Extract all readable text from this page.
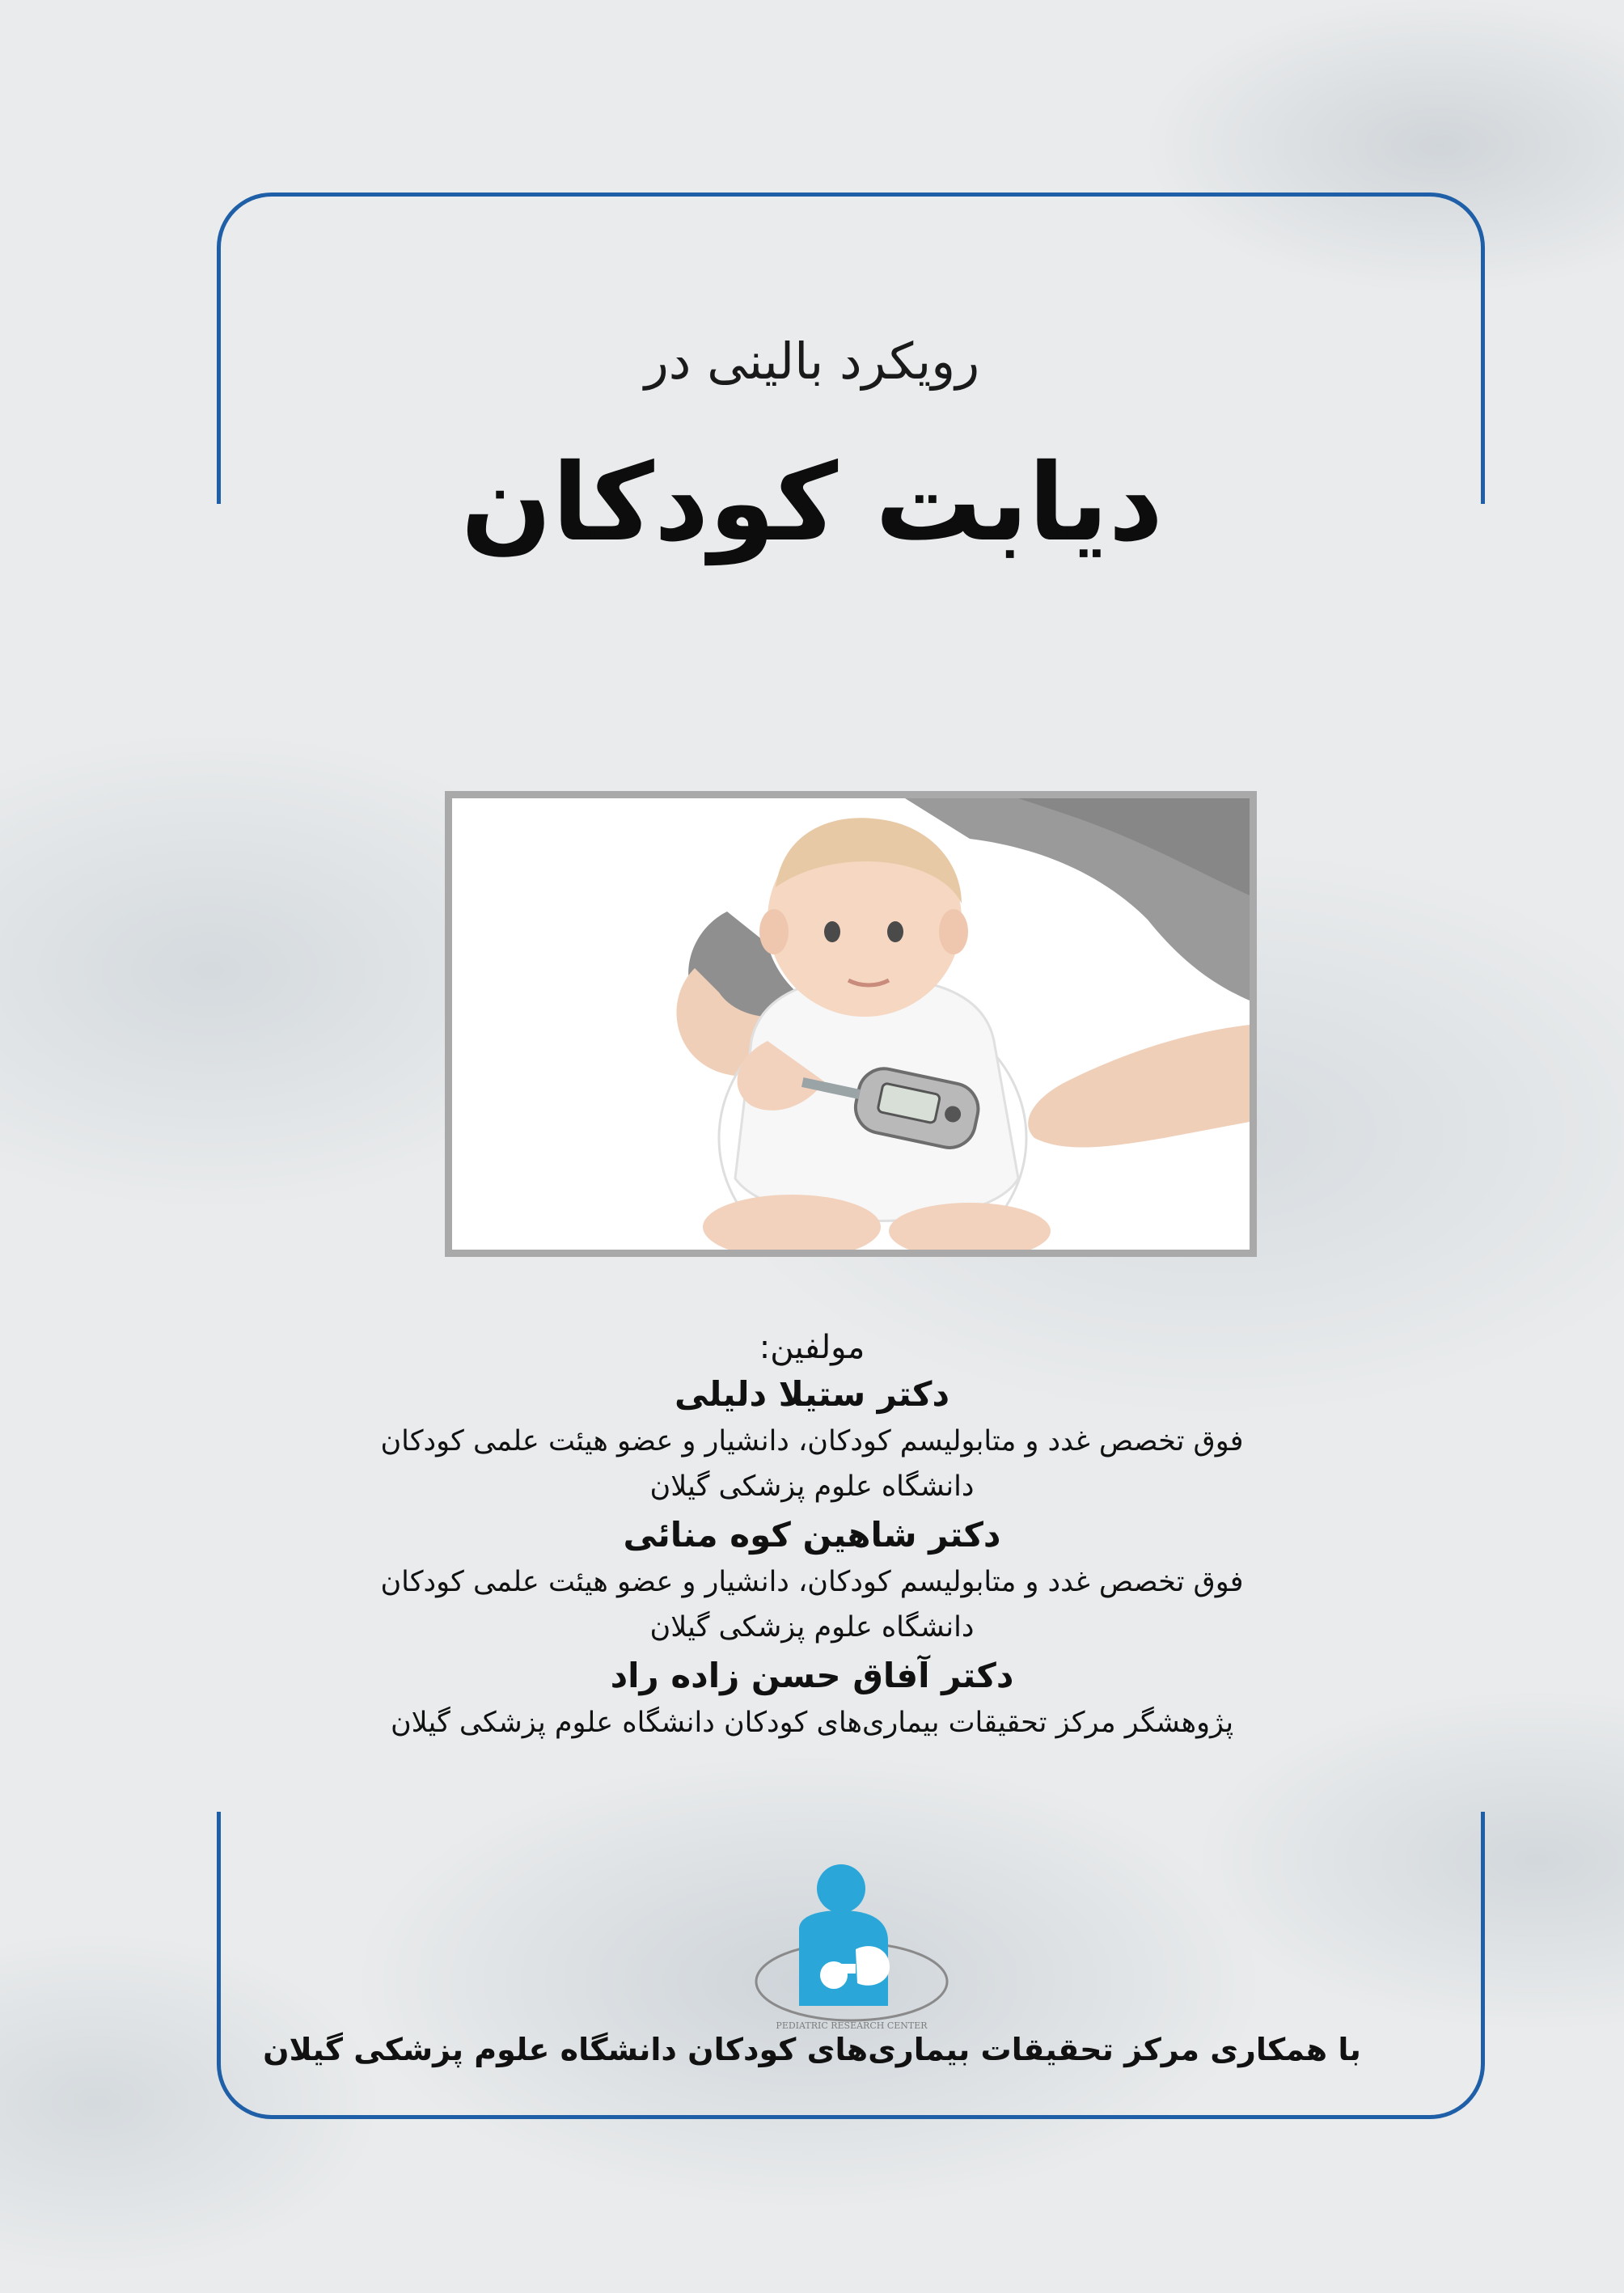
رویکرد بالینی در
دیابت کودکان
مولفین:
دکتر ستیلا دلیلی
فوق تخصص غدد و متابولیسم کودکان، دانشیار و عضو هیئت علمی کودکان
دانشگاه علوم پزشکی گیلان
دکتر شاهین کوه منائی
فوق تخصص غدد و متابولیسم کودکان، دانشیار و عضو هیئت علمی کودکان
دانشگاه علوم پزشکی گیلان
دکتر آفاق حسن زاده راد
پژوهشگر مرکز تحقیقات بیماری‌های کودکان دانشگاه علوم پزشکی گیلان
PEDIATRIC RESEARCH CENTER
با همکاری مرکز تحقیقات بیماری‌های کودکان دانشگاه علوم پزشکی گیلان
